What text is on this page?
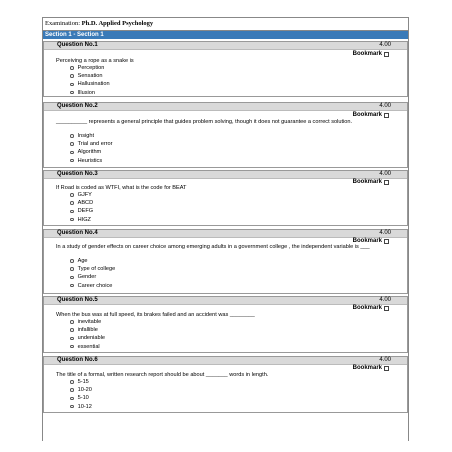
Examination: Ph.D. Applied Psychology
Section 1 - Section 1
Question No.1	4.00
Bookmark
Perceiving a rope as a snake is
Perception
Sensation
Hallusination
Illusion
Question No.2	4.00
Bookmark
__________ represents a general principle that guides problem solving, though it does not guarantee a correct solution.
Insight
Trial and error
Algorithm
Heuristics
Question No.3	4.00
Bookmark
If Road is coded as WTFI, what is the code for BEAT
GJFY
ABCD
DEFG
HIGZ
Question No.4	4.00
Bookmark
In a study of gender effects on career choice among emerging adults in a government college , the independent variable is ___
Age
Type of college
Gender
Career choice
Question No.5	4.00
Bookmark
When the bus was at full speed, its brakes failed and an accident was ________
inevitable
infallible
undeniable
essential
Question No.6	4.00
Bookmark
The title of a formal, written research report should be about _______ words in length.
5-15
10-20
5-10
10-12
